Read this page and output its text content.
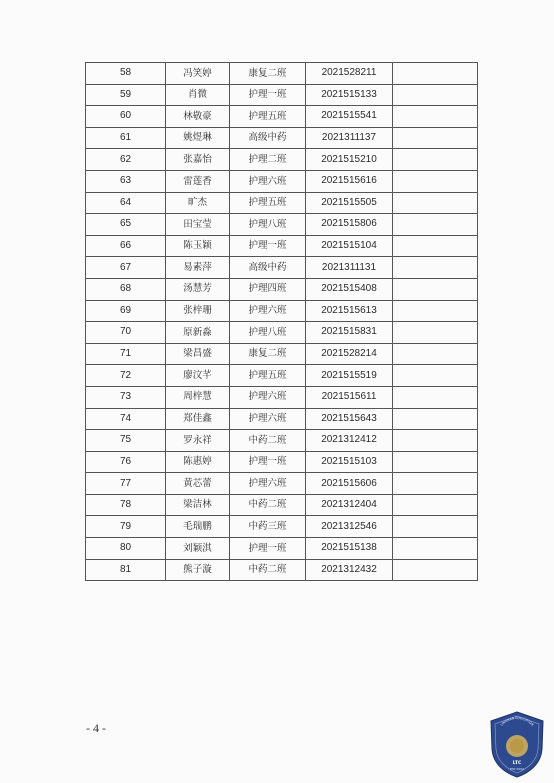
58	冯笑婷	康复二班	2021528211	
59	肖微	护理一班	2021515133	
60	林敬豪	护理五班	2021515541	
61	姚煜琳	高级中药	2021311137	
62	张嘉怡	护理二班	2021515210	
63	雷莲香	护理六班	2021515616	
64	旷杰	护理五班	2021515505	
65	田宝莹	护理八班	2021515806	
66	陈玉颖	护理一班	2021515104	
67	易素萍	高级中药	2021311131	
68	汤慧芳	护理四班	2021515408	
69	张梓珊	护理六班	2021515613	
70	原新淼	护理八班	2021515831	
71	梁昌盛	康复二班	2021528214	
72	廖汶芊	护理五班	2021515519	
73	周梓慧	护理六班	2021515611	
74	郑佳鑫	护理六班	2021515643	
75	罗永祥	中药二班	2021312412	
76	陈惠婷	护理一班	2021515103	
77	黄芯蕾	护理六班	2021515606	
78	梁洁林	中药二班	2021312404	
79	毛瑞鹏	中药三班	2021312546	
80	刘颖淇	护理一班	2021515138	
81	熊子漩	中药二班	2021312432	
- 4 -	LINGNAN EDUCATION
LTC
EST.2004
